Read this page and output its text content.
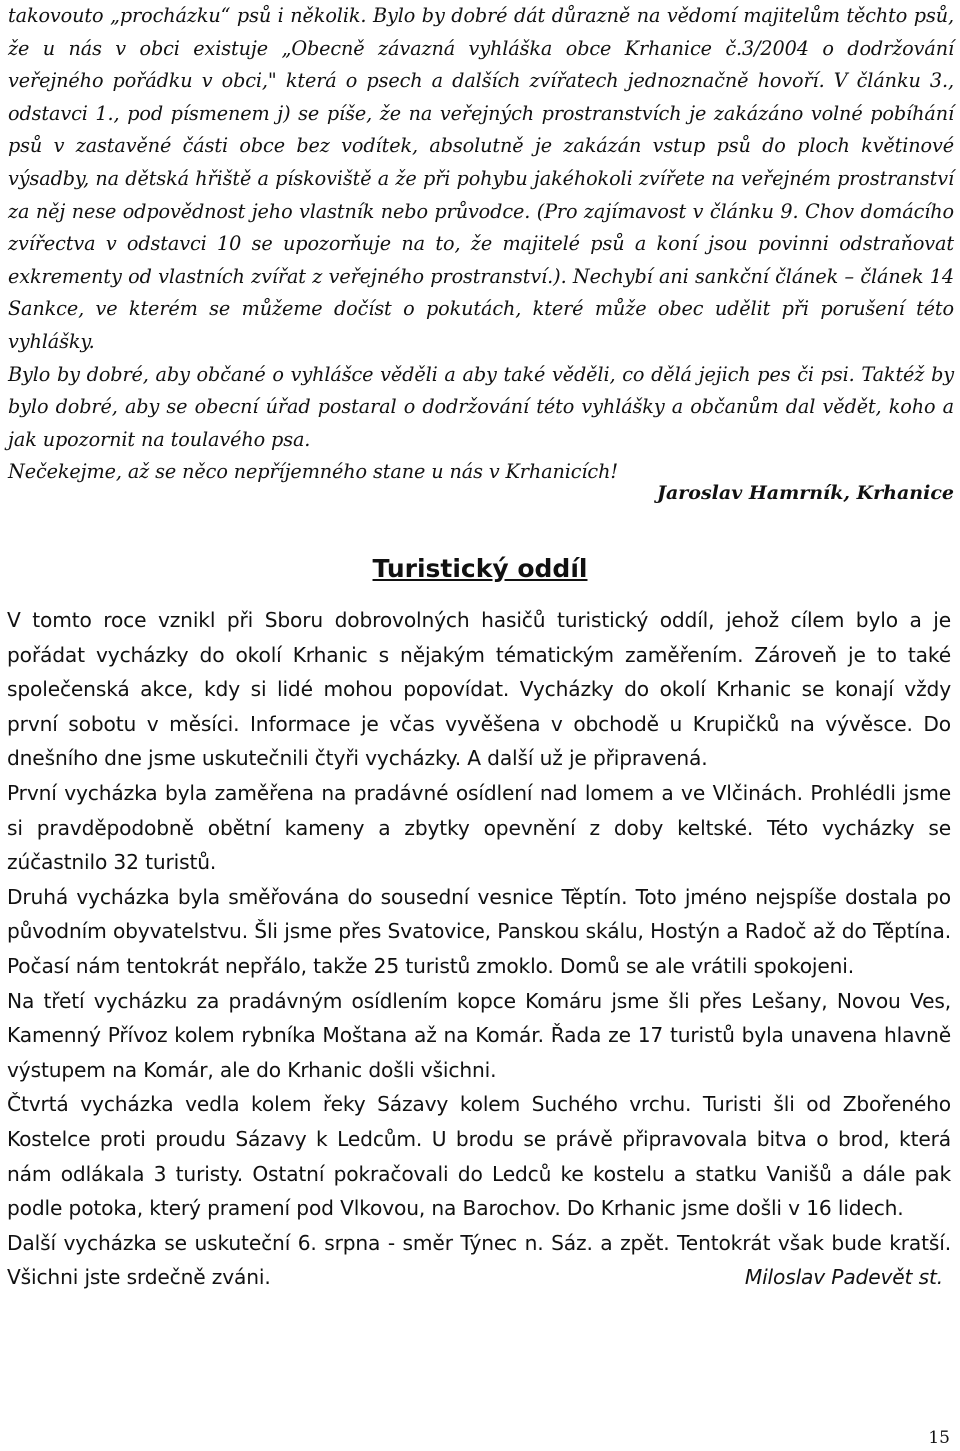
takovouto „procházku“ psů i několik. Bylo by dobré dát důrazně na vědomí majitelům těchto psů, že u nás v obci existuje „Obecně závazná vyhláška obce Krhanice č.3/2004 o dodržování veřejného pořádku v obci," která o psech a dalších zvířatech jednoznačně hovoří. V článku 3., odstavci 1., pod písmenem j) se píše, že na veřejných prostranstvích je zakázáno volné pobíhání psů v zastavěné části obce bez vodítek, absolutně je zakázán vstup psů do ploch květinové výsadby, na dětská hřiště a pískoviště a že při pohybu jakéhokoli zvířete na veřejném prostranství za něj nese odpovědnost jeho vlastník nebo průvodce. (Pro zajímavost v článku 9. Chov domácího zvířectva v odstavci 10 se upozorňuje na to, že majitelé psů a koní jsou povinni odstraňovat exkrementy od vlastních zvířat z veřejného prostranství.). Nechybí ani sankční článek – článek 14 Sankce, ve kterém se můžeme dočíst o pokutách, které může obec udělit při porušení této vyhlášky.

Bylo by dobré, aby občané o vyhlášce věděli a aby také věděli, co dělá jejich pes či psi. Taktéž by bylo dobré, aby se obecní úřad postaral o dodržování této vyhlášky a občanům dal vědět, koho a jak upozornit na toulavého psa.

Nečekejme, až se něco nepříjemného stane u nás v Krhanicích!

Jaroslav Hamrník, Krhanice
Turistický oddíl

V tomto roce vznikl při Sboru dobrovolných hasičů turistický oddíl, jehož cílem bylo a je pořádat vycházky do okolí Krhanic s nějakým tématickým zaměřením. Zároveň je to také společenská akce, kdy si lidé mohou popovídat. Vycházky do okolí Krhanic se konají vždy první sobotu v měsíci. Informace je včas vyvěšena v obchodě u Krupičků na vývěsce. Do dnešního dne jsme uskutečnili čtyři vycházky. A další už je připravená.

První vycházka byla zaměřena na pradávné osídlení nad lomem a ve Vlčinách. Prohlédli jsme si pravděpodobně obětní kameny a zbytky opevnění z doby keltské. Této vycházky se zúčastnilo 32 turistů.

Druhá vycházka byla směřována do sousední vesnice Těptín. Toto jméno nejspíše dostala po původním obyvatelstvu. Šli jsme přes Svatovice, Panskou skálu, Hostýn a Radoč až do Těptína. Počasí nám tentokrát nepřálo, takže 25 turistů zmoklo. Domů se ale vrátili spokojeni.

Na třetí vycházku za pradávným osídlením kopce Komáru jsme šli přes Lešany, Novou Ves, Kamenný Přívoz kolem rybníka Moštana až na Komár. Řada ze 17 turistů byla unavena hlavně výstupem na Komár, ale do Krhanic došli všichni.

Čtvrtá vycházka vedla kolem řeky Sázavy kolem Suchého vrchu. Turisti šli od Zbořeného Kostelce proti proudu Sázavy k Ledcům. U brodu se právě připravovala bitva o brod, která nám odlákala 3 turisty. Ostatní pokračovali do Ledců ke kostelu a statku Vanišů a dále pak podle potoka, který pramení pod Vlkovou, na Barochov. Do Krhanic jsme došli v 16 lidech.

Další vycházka se uskuteční 6. srpna - směr Týnec n. Sáz. a zpět. Tentokrát však bude kratší. Všichni jste srdečně zváni.	Miloslav Padevět st.

15
